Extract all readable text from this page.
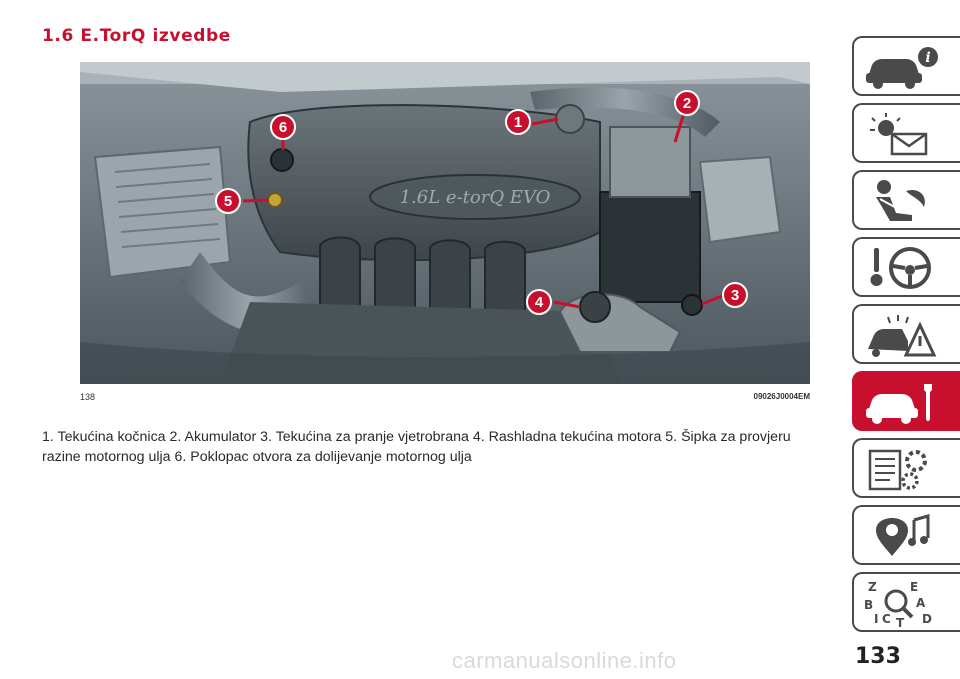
1.6 E.TorQ izvedbe
1.6L e-torQ EVO
1
2
3
4
5
6
138	09026J0004EM

1. Tekućina kočnica 2. Akumulator 3. Tekućina za pranje vjetrobrana 4. Rashladna tekućina motora 5. Šipka za provjeru razine motornog ulja 6. Poklopac otvora za dolijevanje motornog ulja

i
Z	E
B	A
I C T D
133
carmanualsonline.info
